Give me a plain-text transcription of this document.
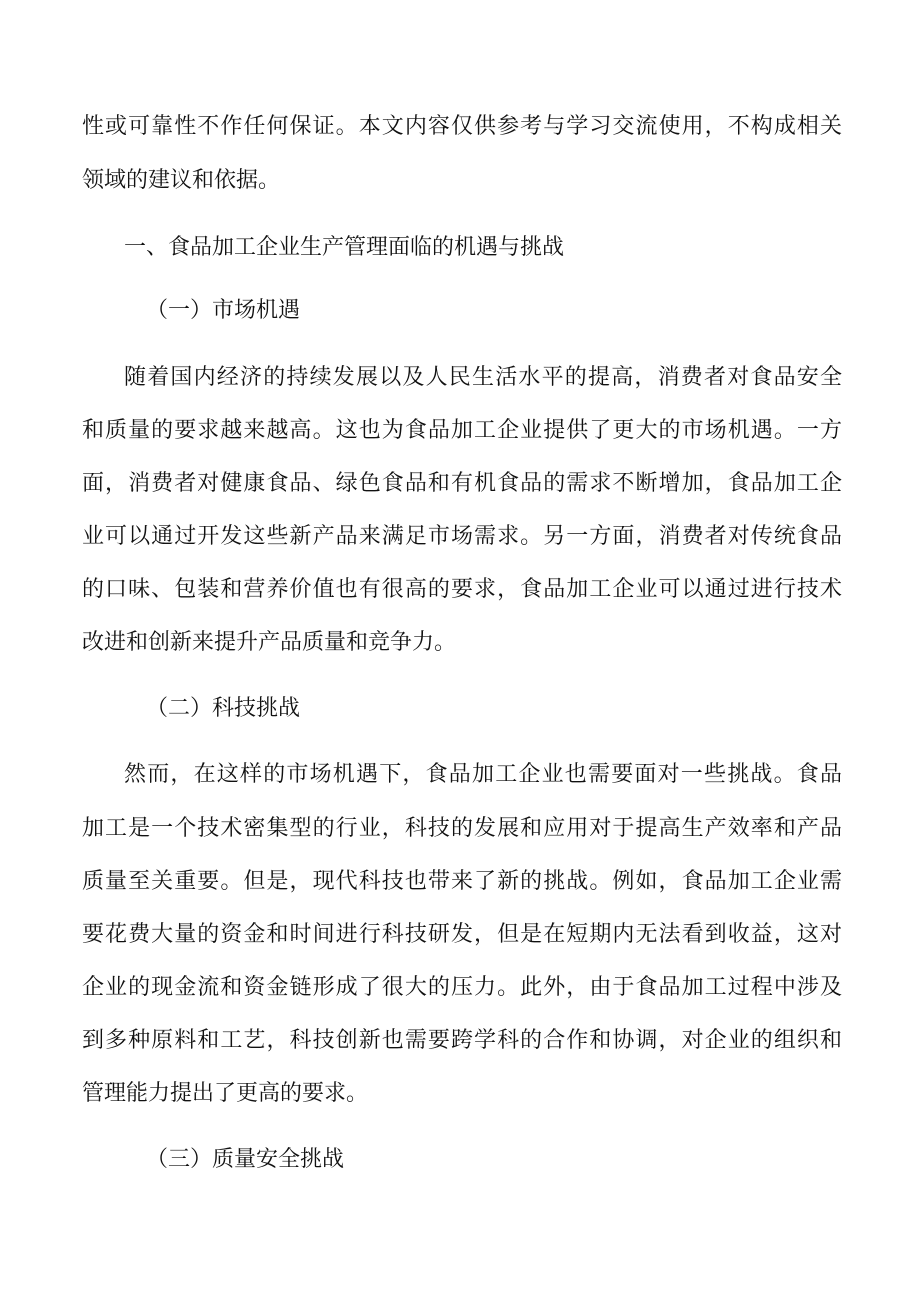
性或可靠性不作任何保证。本文内容仅供参考与学习交流使用，不构成相关
领域的建议和依据。
一、食品加工企业生产管理面临的机遇与挑战
（一）市场机遇
随着国内经济的持续发展以及人民生活水平的提高，消费者对食品安全
和质量的要求越来越高。这也为食品加工企业提供了更大的市场机遇。一方
面，消费者对健康食品、绿色食品和有机食品的需求不断增加，食品加工企
业可以通过开发这些新产品来满足市场需求。另一方面，消费者对传统食品
的口味、包装和营养价值也有很高的要求，食品加工企业可以通过进行技术
改进和创新来提升产品质量和竞争力。
（二）科技挑战
然而，在这样的市场机遇下，食品加工企业也需要面对一些挑战。食品
加工是一个技术密集型的行业，科技的发展和应用对于提高生产效率和产品
质量至关重要。但是，现代科技也带来了新的挑战。例如，食品加工企业需
要花费大量的资金和时间进行科技研发，但是在短期内无法看到收益，这对
企业的现金流和资金链形成了很大的压力。此外，由于食品加工过程中涉及
到多种原料和工艺，科技创新也需要跨学科的合作和协调，对企业的组织和
管理能力提出了更高的要求。
（三）质量安全挑战
